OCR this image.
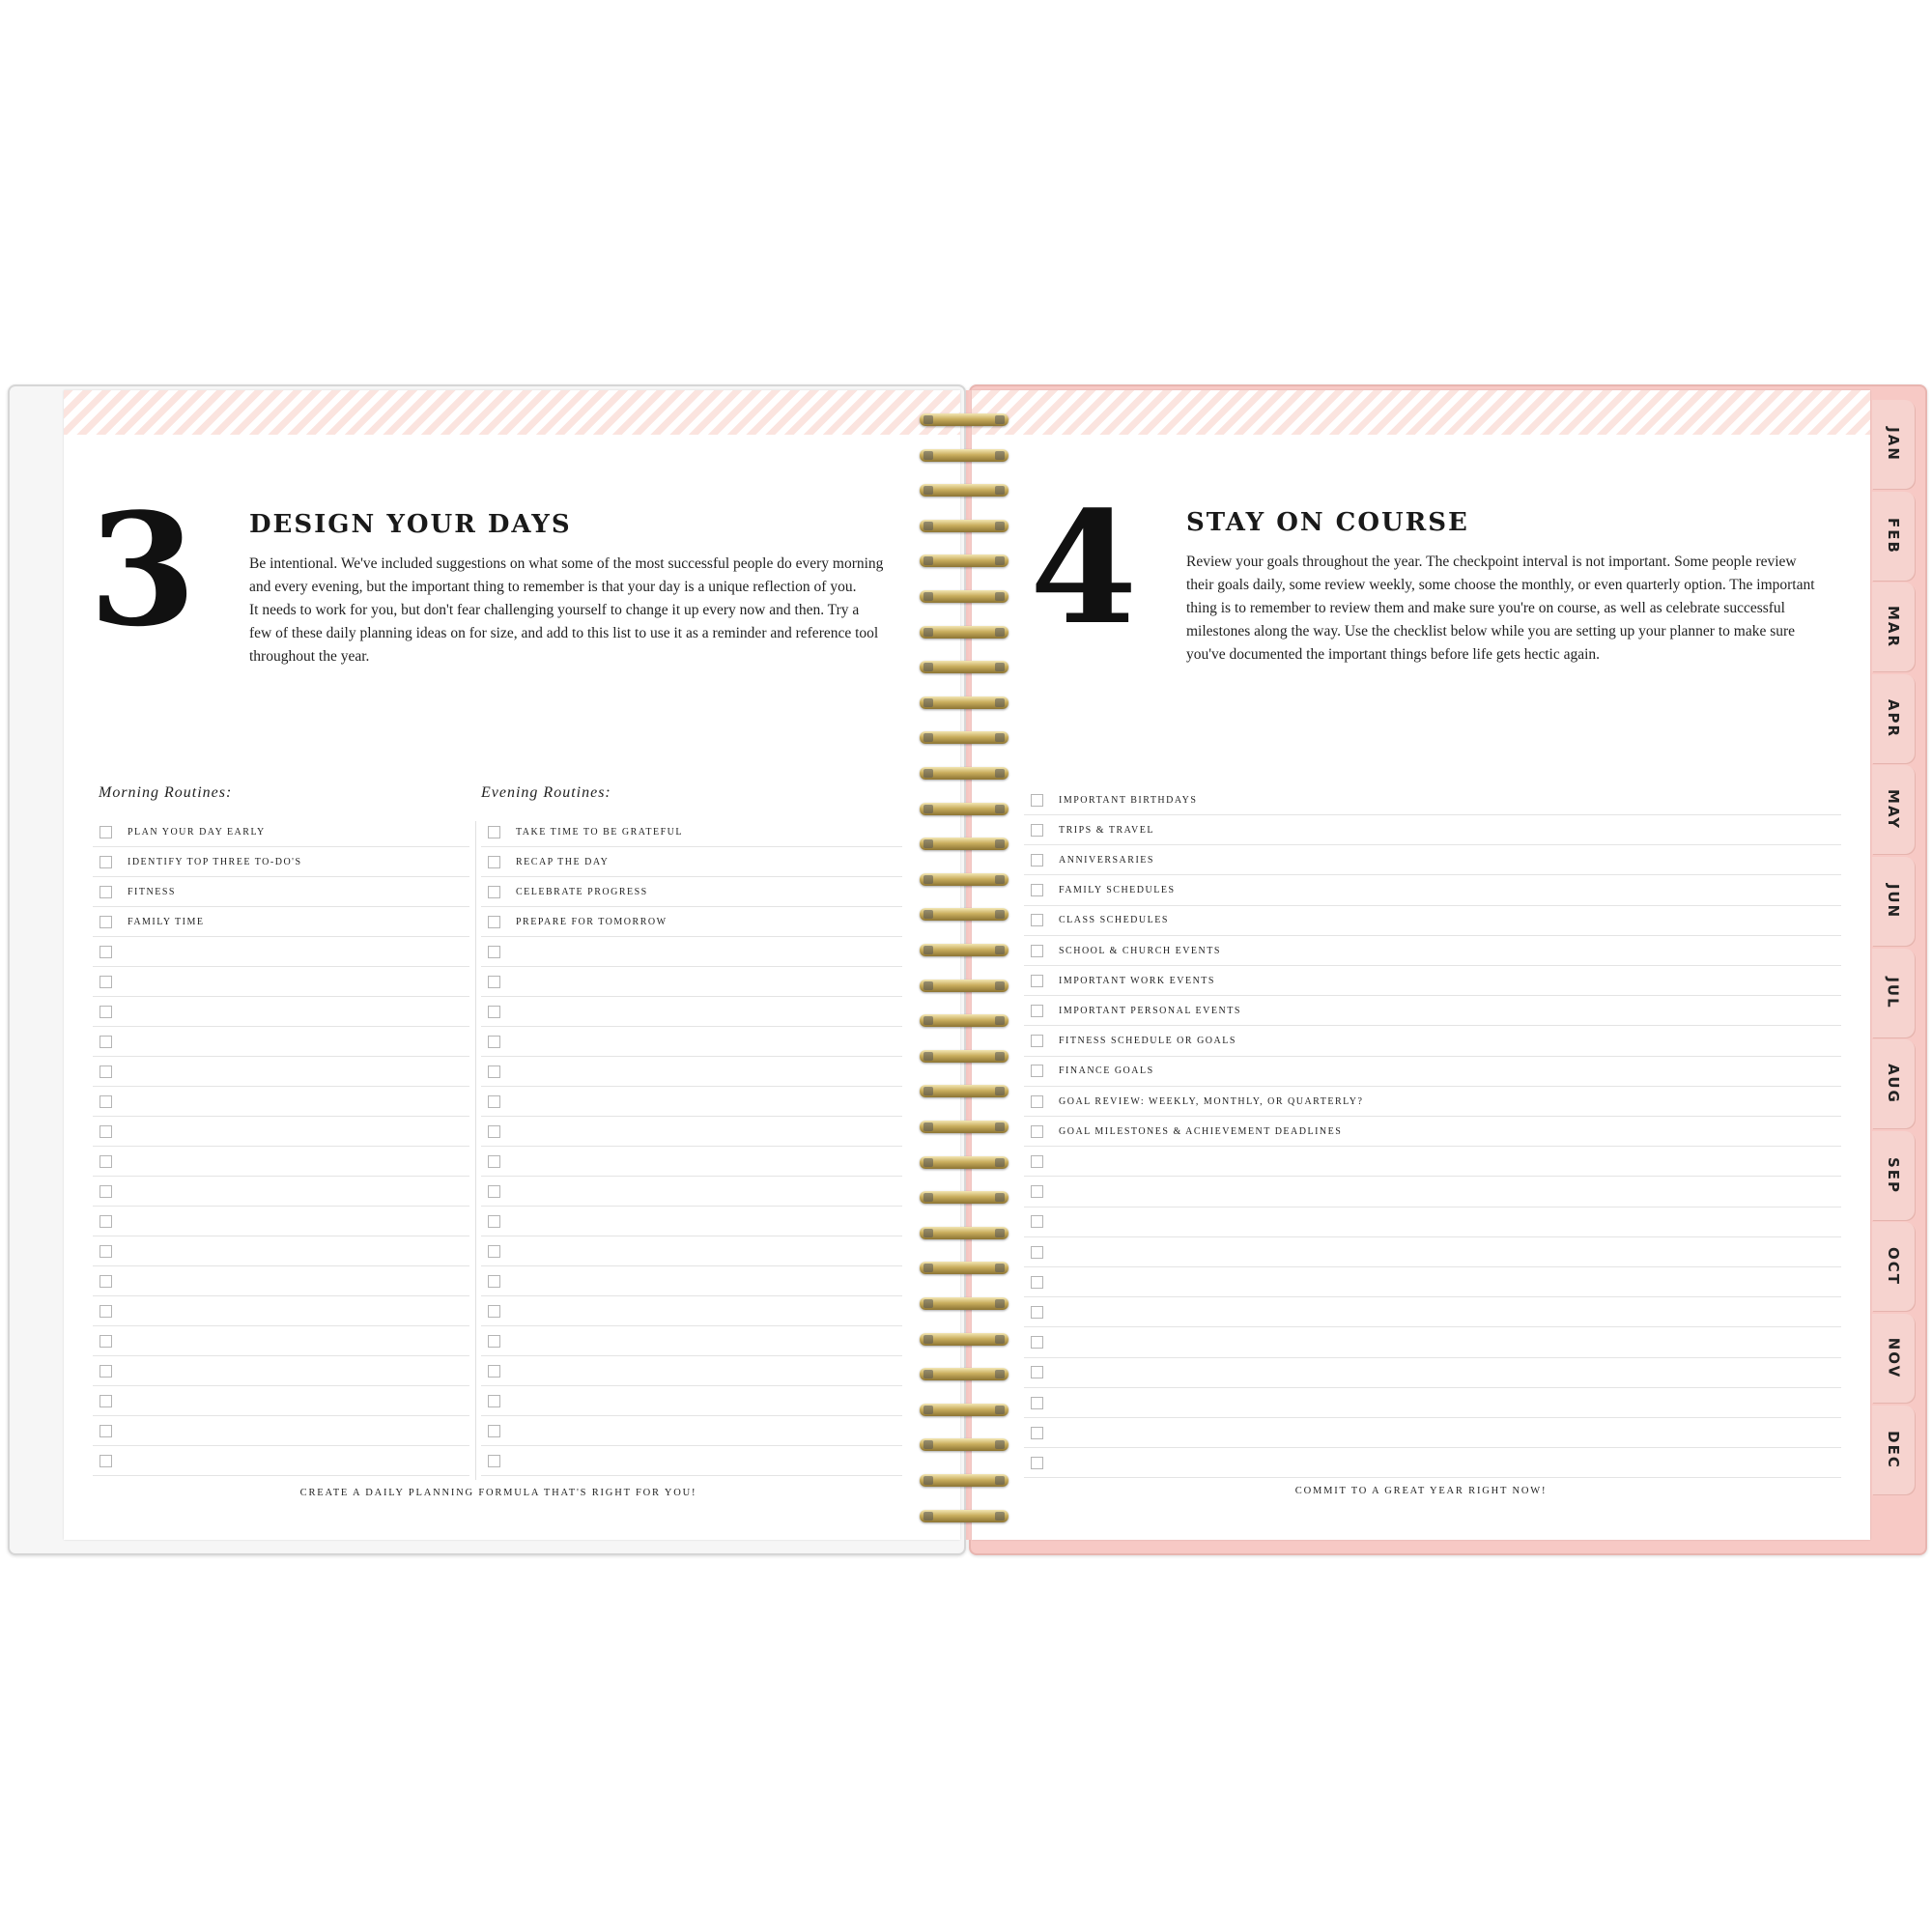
3 DESIGN YOUR DAYS
Be intentional. We've included suggestions on what some of the most successful people do every morning
and every evening, but the important thing to remember is that your day is a unique reflection of you.
It needs to work for you, but don't fear challenging yourself to change it up every now and then. Try a
few of these daily planning ideas on for size, and add to this list to use it as a reminder and reference tool
throughout the year.
Morning Routines:	Evening Routines:
PLAN YOUR DAY EARLY
IDENTIFY TOP THREE TO-DO'S
FITNESS
FAMILY TIME
TAKE TIME TO BE GRATEFUL
RECAP THE DAY
CELEBRATE PROGRESS
PREPARE FOR TOMORROW
CREATE A DAILY PLANNING FORMULA THAT'S RIGHT FOR YOU!
4 STAY ON COURSE
Review your goals throughout the year. The checkpoint interval is not important. Some people review
their goals daily, some review weekly, some choose the monthly, or even quarterly option. The important
thing is to remember to review them and make sure you're on course, as well as celebrate successful
milestones along the way. Use the checklist below while you are setting up your planner to make sure
you've documented the important things before life gets hectic again.
IMPORTANT BIRTHDAYS
TRIPS & TRAVEL
ANNIVERSARIES
FAMILY SCHEDULES
CLASS SCHEDULES
SCHOOL & CHURCH EVENTS
IMPORTANT WORK EVENTS
IMPORTANT PERSONAL EVENTS
FITNESS SCHEDULE OR GOALS
FINANCE GOALS
GOAL REVIEW: WEEKLY, MONTHLY, OR QUARTERLY?
GOAL MILESTONES & ACHIEVEMENT DEADLINES
COMMIT TO A GREAT YEAR RIGHT NOW!
JAN
FEB
MAR
APR
MAY
JUN
JUL
AUG
SEP
OCT
NOV
DEC
